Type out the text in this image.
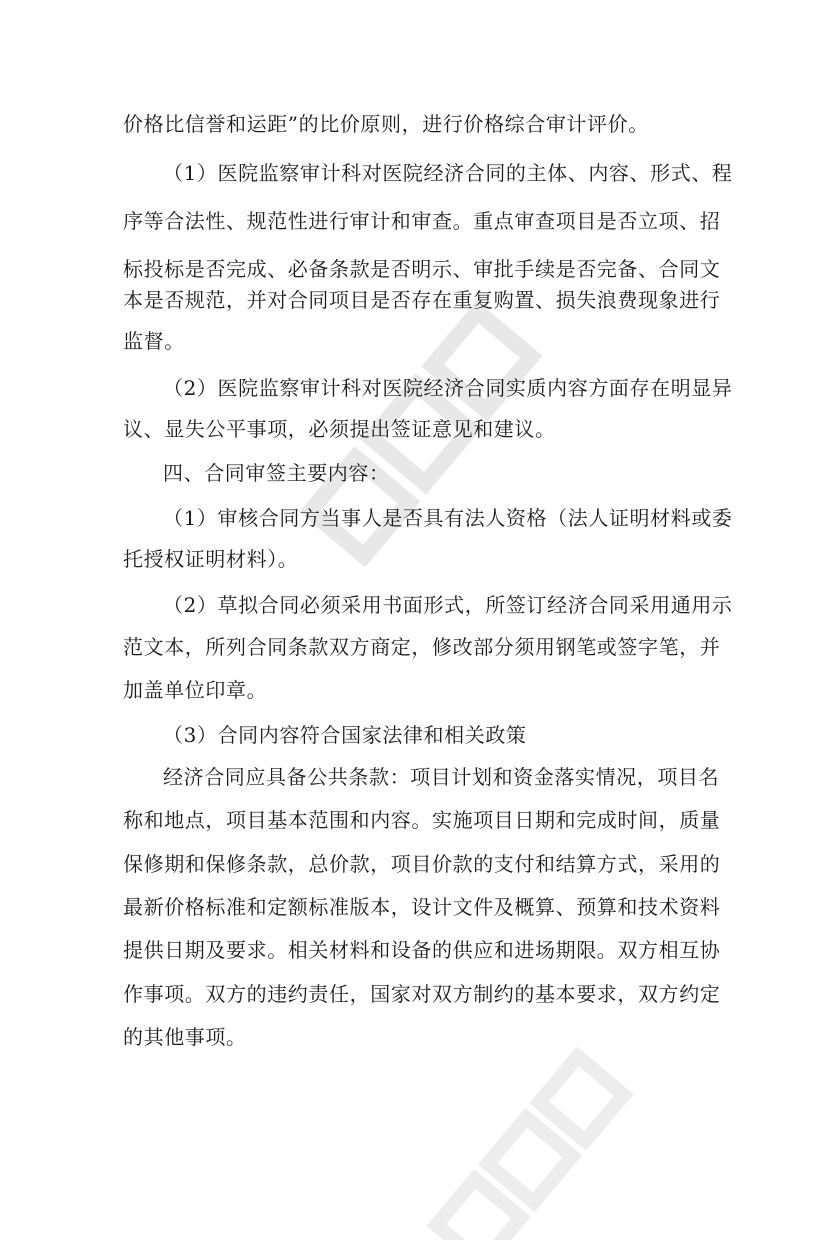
价格比信誉和运距”的比价原则，进行价格综合审计评价。
（1）医院监察审计科对医院经济合同的主体、内容、形式、程
序等合法性、规范性进行审计和审查。重点审查项目是否立项、招
标投标是否完成、必备条款是否明示、审批手续是否完备、合同文
本是否规范，并对合同项目是否存在重复购置、损失浪费现象进行
监督。
（2）医院监察审计科对医院经济合同实质内容方面存在明显异
议、显失公平事项，必须提出签证意见和建议。
四、合同审签主要内容：
（1）审核合同方当事人是否具有法人资格（法人证明材料或委
托授权证明材料）。
（2）草拟合同必须采用书面形式，所签订经济合同采用通用示
范文本，所列合同条款双方商定，修改部分须用钢笔或签字笔，并
加盖单位印章。
（3）合同内容符合国家法律和相关政策
经济合同应具备公共条款：项目计划和资金落实情况，项目名
称和地点，项目基本范围和内容。实施项目日期和完成时间，质量
保修期和保修条款，总价款，项目价款的支付和结算方式，采用的
最新价格标准和定额标准版本，设计文件及概算、预算和技术资料
提供日期及要求。相关材料和设备的供应和进场期限。双方相互协
作事项。双方的违约责任，国家对双方制约的基本要求，双方约定
的其他事项。
